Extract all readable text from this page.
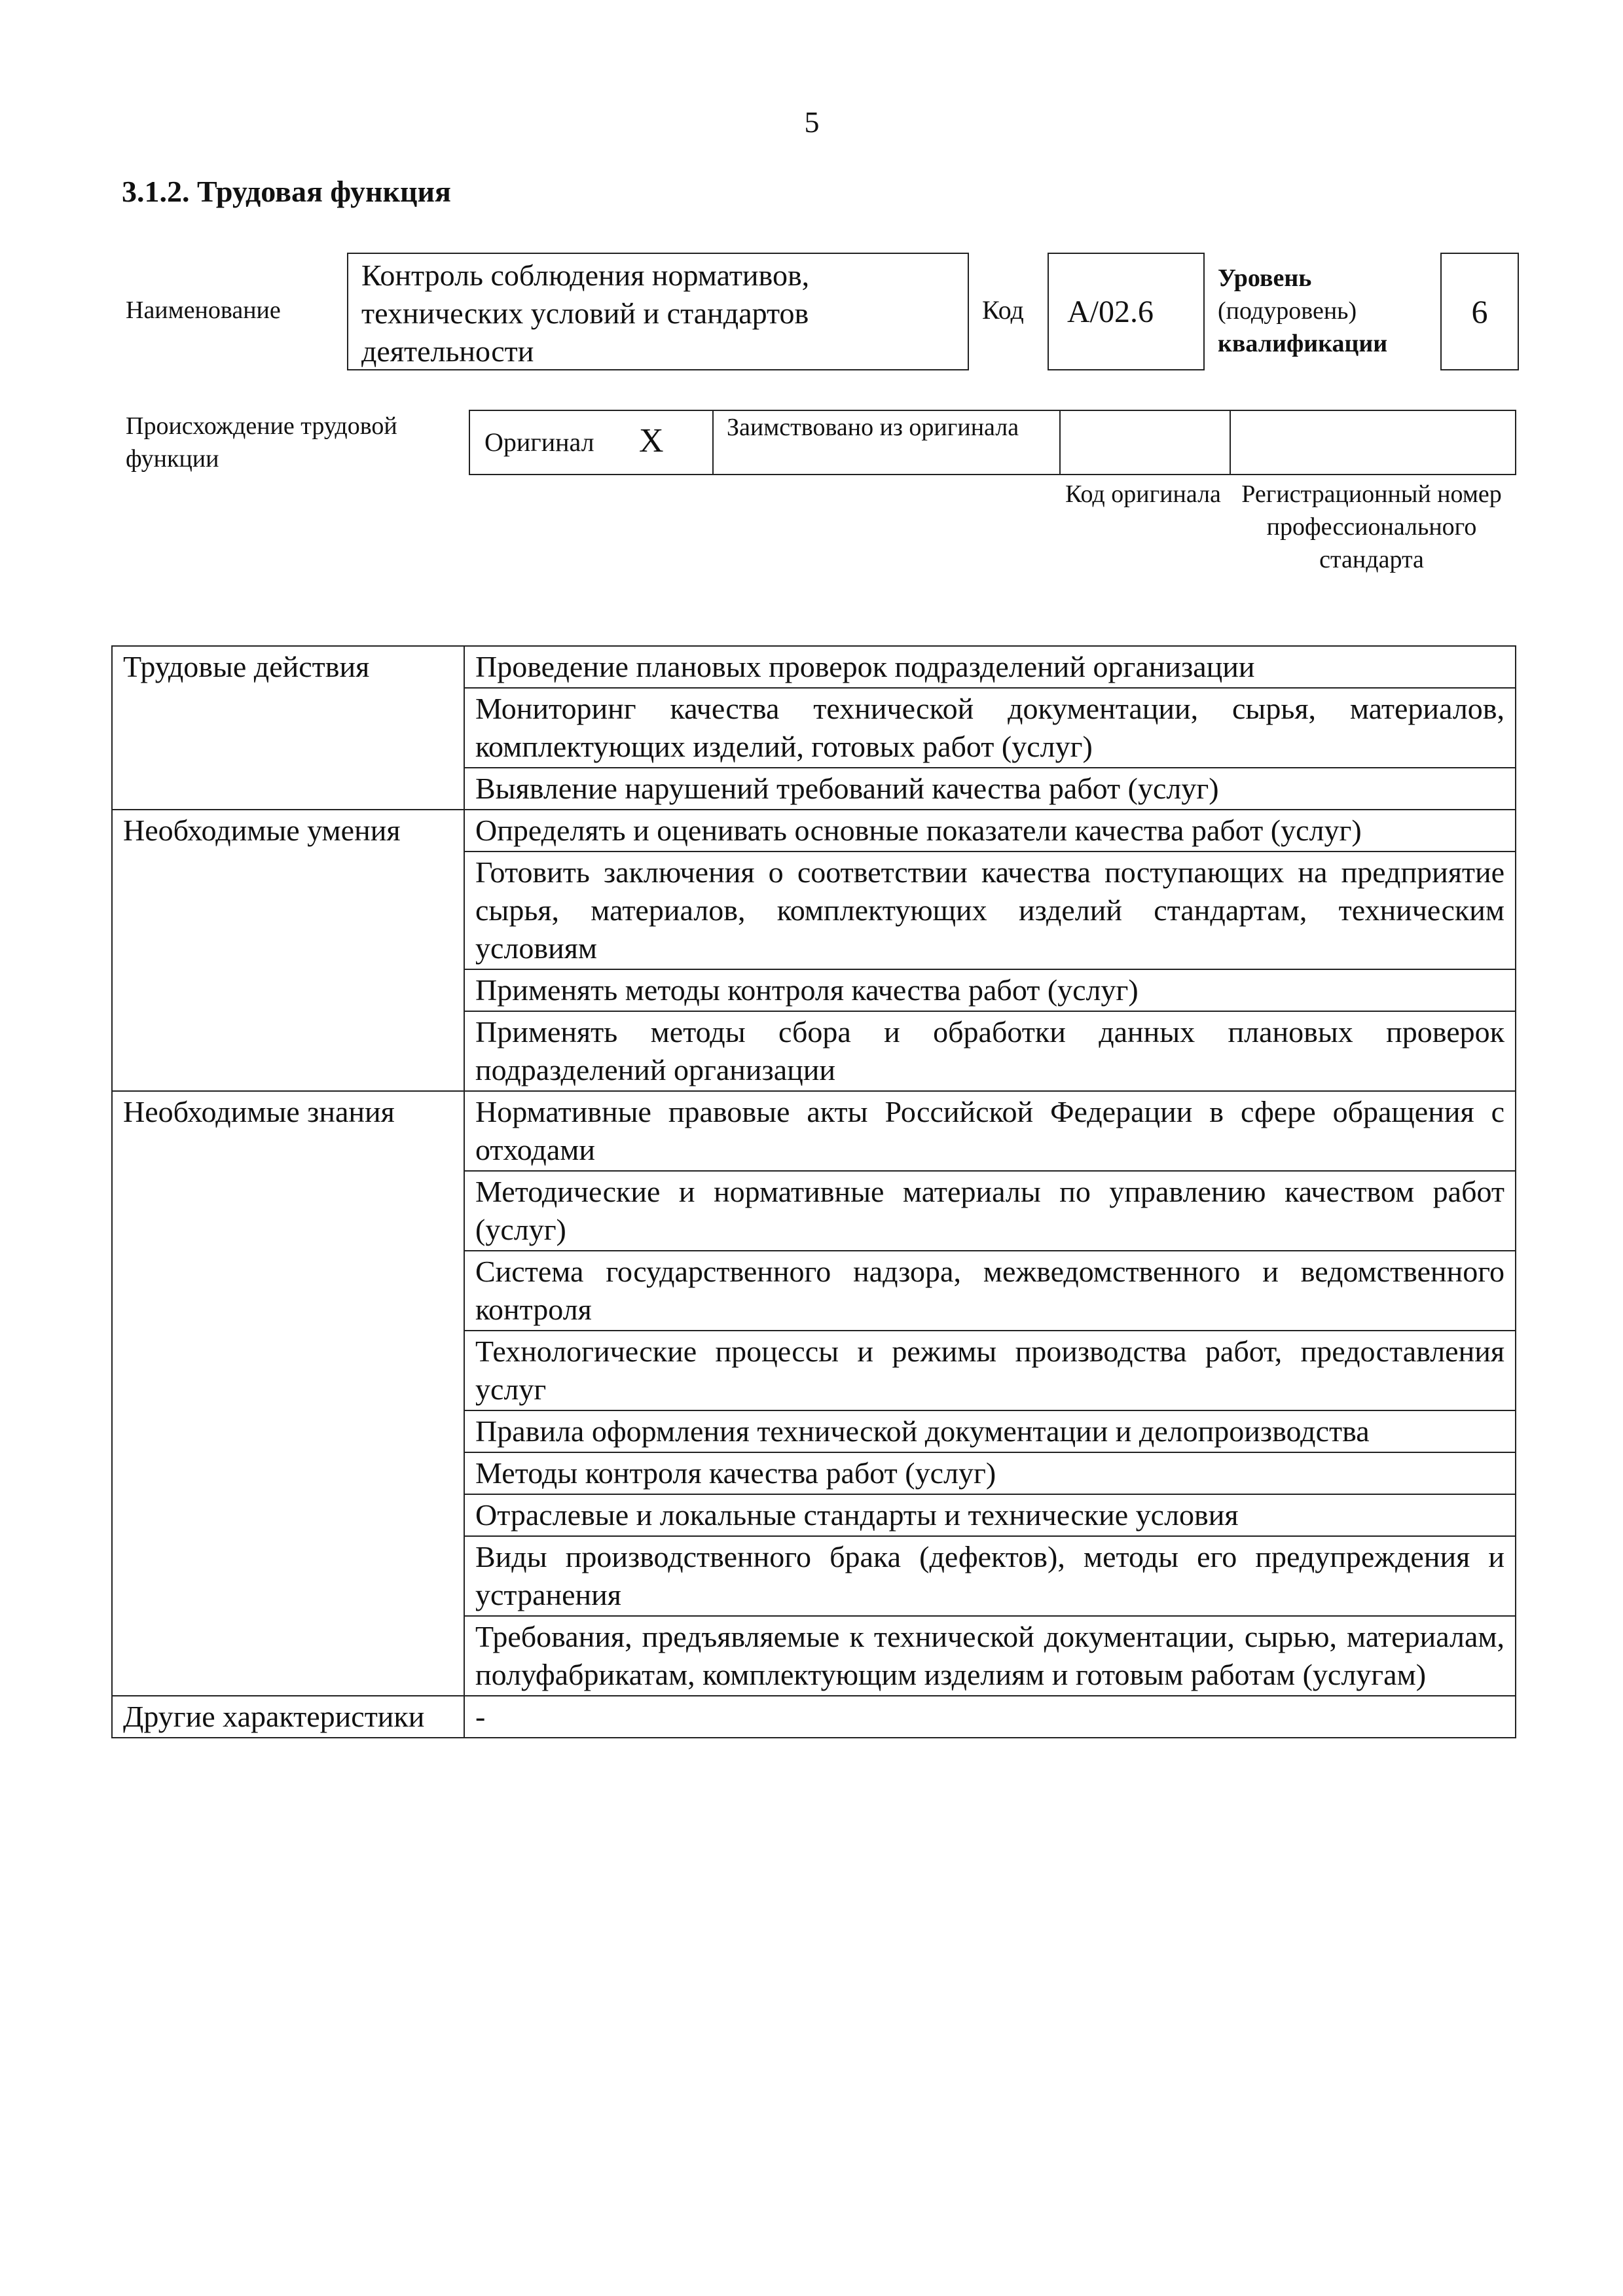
5
3.1.2. Трудовая функция
Наименование
Контроль соблюдения нормативов, технических условий и стандартов деятельности
Код А/02.6
Уровень
(подуровень)
квалификации
6
Происхождение трудовой функции
Оригинал Х	Заимствовано из оригинала
Код оригинала Регистрационный номер профессионального стандарта
Трудовые действия	Проведение плановых проверок подразделений организации
	Мониторинг качества технической документации, сырья, материалов, комплектующих изделий, готовых работ (услуг)
	Выявление нарушений требований качества работ (услуг)
Необходимые умения	Определять и оценивать основные показатели качества работ (услуг)
	Готовить заключения о соответствии качества поступающих на предприятие сырья, материалов, комплектующих изделий стандартам, техническим условиям
	Применять методы контроля качества работ (услуг)
	Применять методы сбора и обработки данных плановых проверок подразделений организации
Необходимые знания	Нормативные правовые акты Российской Федерации в сфере обращения с отходами
	Методические и нормативные материалы по управлению качеством работ (услуг)
	Система государственного надзора, межведомственного и ведомственного контроля
	Технологические процессы и режимы производства работ, предоставления услуг
	Правила оформления технической документации и делопроизводства
	Методы контроля качества работ (услуг)
	Отраслевые и локальные стандарты и технические условия
	Виды производственного брака (дефектов), методы его предупреждения и устранения
	Требования, предъявляемые к технической документации, сырью, материалам, полуфабрикатам, комплектующим изделиям и готовым работам (услугам)
Другие характеристики	-
